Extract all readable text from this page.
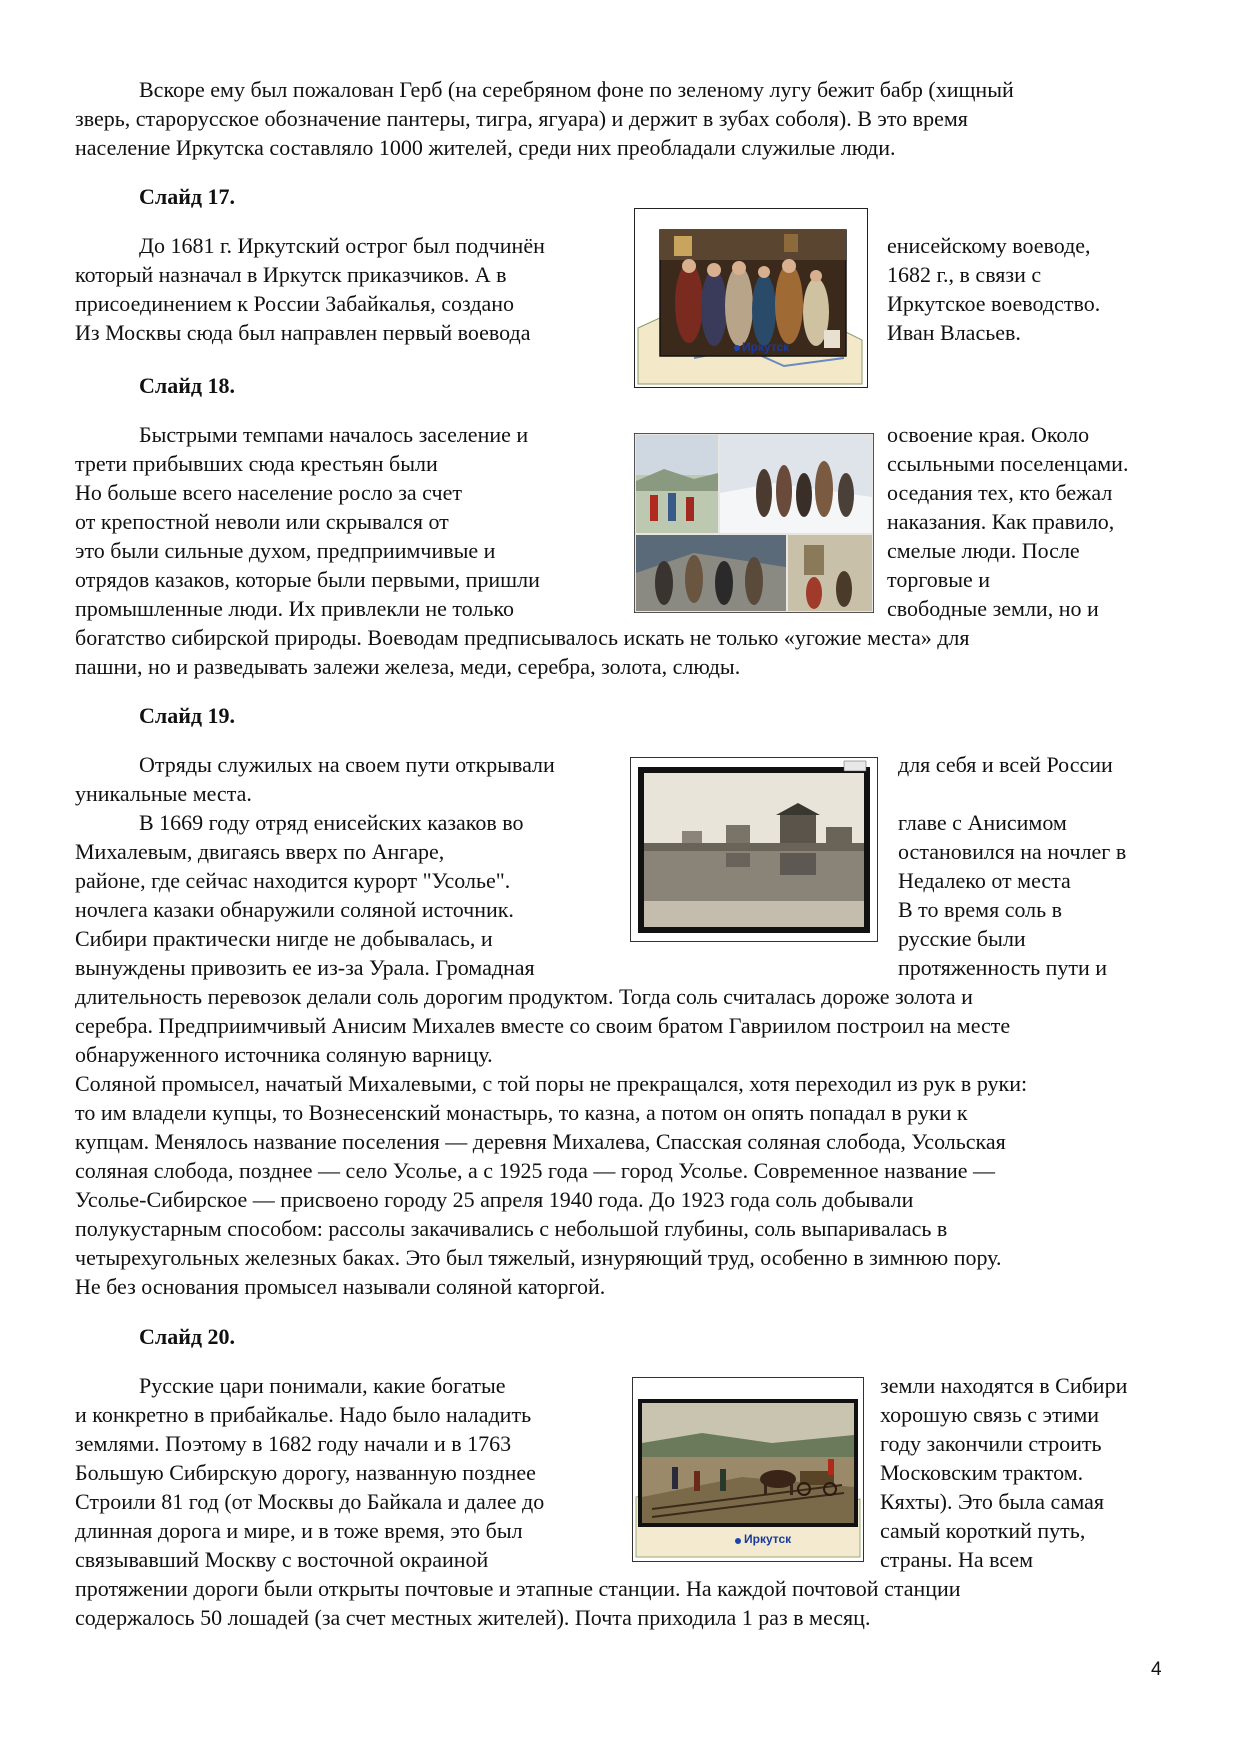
Вскоре ему был пожалован Герб (на серебряном фоне по зеленому лугу бежит бабр (хищный
зверь, старорусское обозначение пантеры, тигра, ягуара) и держит в зубах соболя). В это время
население Иркутска составляло 1000 жителей, среди них преобладали служилые люди.
Слайд 17.
До 1681 г. Иркутский острог был подчинён
который назначал в Иркутск приказчиков. А в
присоединением к России Забайкалья, создано
Из Москвы сюда был направлен первый воевода
енисейскому воеводе,
1682 г., в связи с
Иркутское воеводство.
Иван Власьев.
Иркутск
Слайд 18.
Быстрыми темпами началось заселение и
трети прибывших сюда крестьян были
Но больше всего население росло за счет
от крепостной неволи или скрывался от
это были сильные духом, предприимчивые и
отрядов казаков, которые были первыми, пришли
промышленные люди. Их привлекли не только
освоение края. Около
ссыльными поселенцами.
оседания тех, кто бежал
наказания. Как правило,
смелые люди. После
торговые и
свободные земли, но и
богатство сибирской природы. Воеводам предписывалось искать не только «угожие места» для
пашни, но и разведывать залежи железа, меди, серебра, золота, слюды.
Слайд 19.
Отряды служилых на своем пути открывали
уникальные места.
В 1669 году отряд енисейских казаков во
Михалевым, двигаясь вверх по Ангаре,
районе, где сейчас находится курорт "Усолье".
ночлега казаки обнаружили соляной источник.
Сибири практически нигде не добывалась, и
вынуждены привозить ее из-за Урала. Громадная
для себя и всей России
главе с Анисимом
остановился на ночлег в
Недалеко от места
В то время соль в
русские были
протяженность пути и
длительность перевозок делали соль дорогим продуктом. Тогда соль считалась дороже золота и
серебра. Предприимчивый Анисим Михалев вместе со своим братом Гавриилом построил на месте
обнаруженного источника соляную варницу.
Соляной промысел, начатый Михалевыми, с той поры не прекращался, хотя переходил из рук в руки:
то им владели купцы, то Вознесенский монастырь, то казна, а потом он опять попадал в руки к
купцам. Менялось название поселения — деревня Михалева, Спасская соляная слобода, Усольская
соляная слобода, позднее — село Усолье, а с 1925 года — город Усолье. Современное название —
Усолье-Сибирское — присвоено городу 25 апреля 1940 года. До 1923 года соль добывали
полукустарным способом: рассолы закачивались с небольшой глубины, соль выпаривалась в
четырехугольных железных баках. Это был тяжелый, изнуряющий труд, особенно в зимнюю пору.
Не без основания промысел называли соляной каторгой.
Слайд 20.
Русские цари понимали, какие богатые
и конкретно в прибайкалье. Надо было наладить
землями. Поэтому в 1682 году начали и в 1763
Большую Сибирскую дорогу, названную позднее
Строили 81 год (от Москвы до Байкала и далее до
длинная дорога и мире, и в тоже время, это был
связывавший Москву с восточной окраиной
земли находятся в Сибири
хорошую связь с этими
году закончили строить
Московским трактом.
Кяхты). Это была самая
самый короткий путь,
страны. На всем
Иркутск
протяжении дороги были открыты почтовые и этапные станции. На каждой почтовой станции
содержалось 50 лошадей (за счет местных жителей). Почта приходила 1 раз в месяц.
4
